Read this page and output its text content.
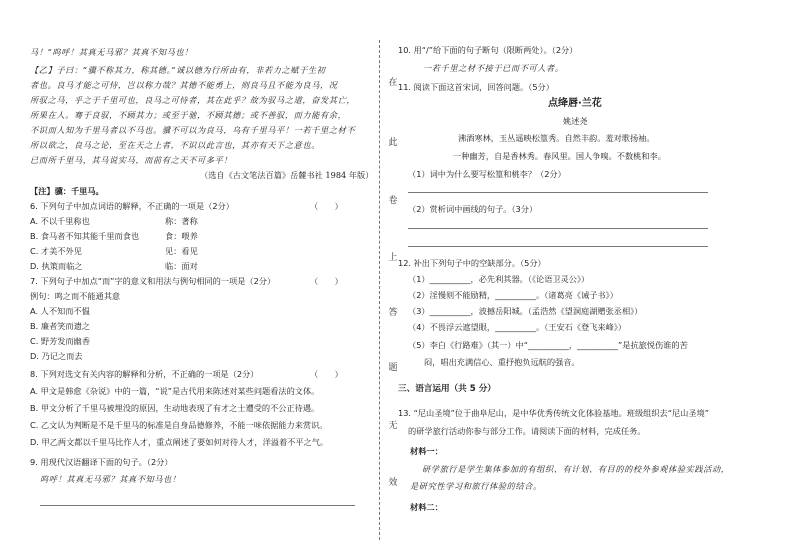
马！”呜呼！其真无马邪？其真不知马也！
【乙】子曰：“骥不称其力，称其德。”诚以德为行所由有，非若力之赋于生初
者也。良马才能之可恃，岂以称力哉？其德不能勇上，则良马且不能为良马，况
所驭之马，乎之于千里可也，良马之可恃者，其在此乎？故为驭马之道，奋发其亡，
所果在人。骞于良驭，不顾其力；或至于驰，不顾其德；或不善驭，而力能有余，
不识而人知为千里马者以不马也。骥不可以为良马，乌有千里马平！一若千里之材不
所以欲之，良马之论，至在天之上者，不识以此言也，其亦有天下之意也。
已而所千里马，其马说实马，而前有之天不可多平！
（选自《古文笔法百篇》岳麓书社 1984 年版）
【注】骥：千里马。
6. 下列句子中加点词语的解释，不正确的一项是（2分）	（　　）
A. 不以千里称也	称：著称
B. 食马者不知其能千里而食也	食：喂养
C. 才美不外见	见：看见
D. 执策而临之	临：面对
7. 下列句子中加点“而”字的意义和用法与例句相同的一项是（2分）	（　　）
例句：鸣之而不能通其意
A. 人不知而不愠
B. 廉者笑而遗之
C. 野芳发而幽香
D. 乃记之而去
8. 下列对选文有关内容的解释和分析，不正确的一项是（2分）	（　　）
A. 甲文是韩愈《杂说》中的一篇，“说”是古代用来陈述对某些问题看法的文体。
B. 甲文分析了千里马被埋没的原因，生动地表现了有才之士遭受的不公正待遇。
C. 乙文认为判断是不是千里马的标准是自身品德修养，不能一味依据能力来赏识。
D. 甲乙两文都以千里马比作人才，重点阐述了要如何对待人才，洋溢着不平之气。
9. 用现代汉语翻译下面的句子。（2分）
呜呼！其真无马邪？其真不知马也！
在
此
卷
上
答
题
无
效
10. 用“/”给下面的句子断句（限断两处）。（2分）
一若千里之材不接于已而不可人者。
11. 阅读下面这首宋词，回答问题。（5分）
点绛唇·兰花
姚述尧
沸酒寒林，玉丛遥映松篁秀。自然丰韵。羞对歌扬袖。
一种幽芳，自是香林秀。春风里。国人争嗅。不数桃和李。
（1）词中为什么要写松篁和桃李？（2分）
（2）赏析词中画线的句子。（3分）
12. 补出下列句子中的空缺部分。（5分）
（1）__________，必先利其器。（《论语卫灵公》）
（2）淫慢则不能励精，__________。（诸葛亮《诫子书》）
（3）__________，波撼岳阳城。（孟浩然《望洞庭湖赠张丞相》）
（4）不畏浮云遮望眼，__________。（王安石《登飞来峰》）
（5）李白《行路难》（其一）中“__________，__________”是抗旅悦伤谁的苦
闷，唱出充满信心、重抒抱负远航的强音。
三、语言运用（共 5 分）
13. “尼山圣境”位于曲阜尼山，是中华优秀传统文化体验基地。班级组织去“尼山圣境”
的研学旅行活动你参与部分工作。请阅读下面的材料，完成任务。
材料一：
研学旅行是学生集体参加的有组织、有计划、有目的的校外参观体验实践活动，
是研究性学习和旅行体验的结合。
材料二：
